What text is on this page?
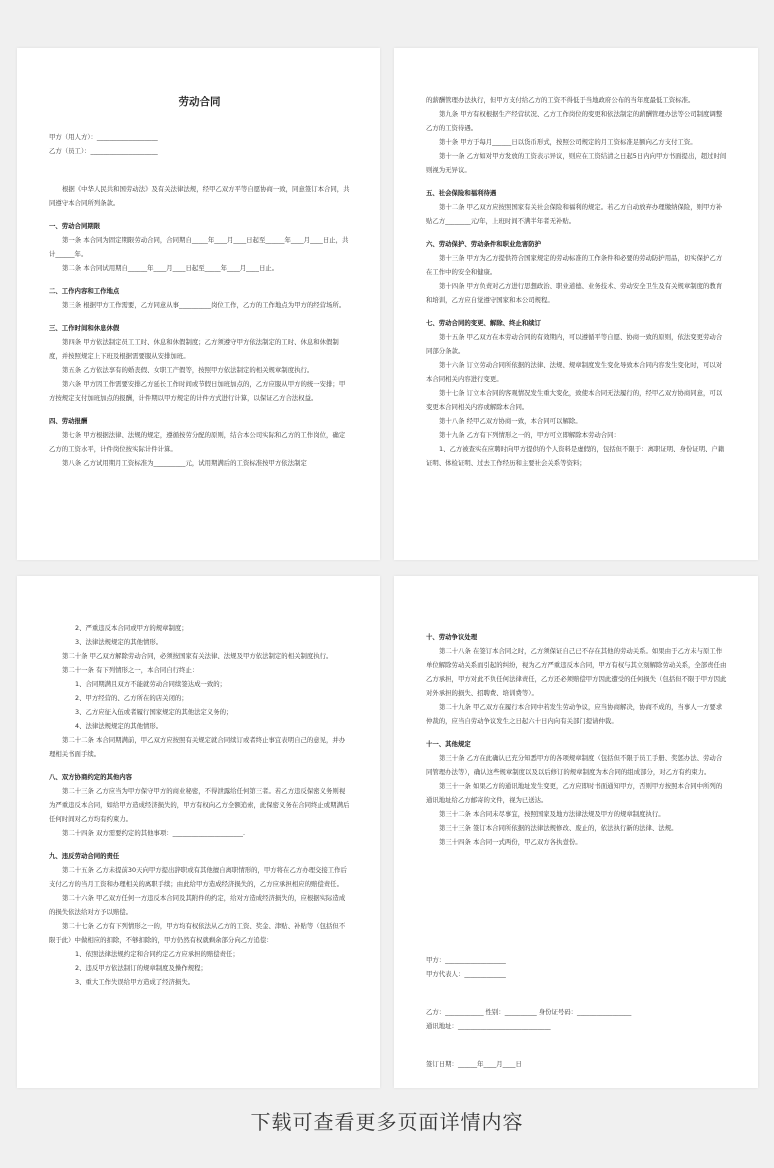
劳动合同
甲方（用人方）：___________________
乙方（员工）：_____________________
根据《中华人民共和国劳动法》及有关法律法规，经甲乙双方平等自愿协商一致，同意签订本合同，共同遵守本合同所列条款。
一、劳动合同期限
第一条 本合同为固定期限劳动合同，合同期自_____年____月____日起至______年____月____日止，共计______年。
第二条 本合同试用期自______年____月____日起至_____年____月____日止。
二、工作内容和工作地点
第三条 根据甲方工作需要，乙方同意从事__________岗位工作，乙方的工作地点为甲方的经营场所。
三、工作时间和休息休假
第四条 甲方依法制定员工工时、休息和休假制度；乙方须遵守甲方依法制定的工时、休息和休假制度，并按照规定上下班及根据需要服从安排加班。
第五条 乙方依法享有的婚丧假、女职工产假等，按照甲方依法制定的相关规章制度执行。
第六条 甲方因工作需要安排乙方延长工作时间或节假日加班加点的，乙方应服从甲方的统一安排；甲方按规定支付加班加点的报酬，计件期以甲方规定的计件方式进行计算，以保证乙方合法权益。
四、劳动报酬
第七条 甲方根据法律、法规的规定，遵循按劳分配的原则，结合本公司实际和乙方的工作岗位，确定乙方的工资水平，计件岗位按实际计件计算。
第八条 乙方试用期月工资标准为__________元，试用期满后的工资标准按甲方依法制定
的薪酬管理办法执行，但甲方支付给乙方的工资不得低于当地政府公布的当年度最低工资标准。
第九条 甲方有权根据生产经营状况、乙方工作岗位的变更和依法制定的薪酬管理办法等公司制度调整乙方的工资待遇。
第十条 甲方于每月______日以货币形式，按照公司规定的月工资标准足额向乙方支付工资。
第十一条 乙方如对甲方发放的工资表示异议，则应在工资结清之日起5日内向甲方书面提出，超过时间则视为无异议。
五、社会保险和福利待遇
第十二条 甲乙双方应按照国家有关社会保险和福利的规定。若乙方自动放弃办理缴纳保险，则甲方补贴乙方________元/年，上班时间不满半年者无补贴。
六、劳动保护、劳动条件和职业危害防护
第十三条 甲方为乙方提供符合国家规定的劳动标准的工作条件和必要的劳动防护用品，切实保护乙方在工作中的安全和健康。
第十四条 甲方负责对乙方进行思想政治、职业道德、业务技术、劳动安全卫生及有关规章制度的教育和培训，乙方应自觉遵守国家和本公司规程。
七、劳动合同的变更、解除、终止和续订
第十五条 甲乙双方在本劳动合同的有效期内，可以遵循平等自愿、协商一致的原则，依法变更劳动合同部分条款。
第十六条 订立劳动合同所依据的法律、法规、规章制度发生变化导致本合同内容发生变化时，可以对本合同相关内容进行变更。
第十七条 订立本合同的客观情况发生重大变化，致使本合同无法履行的，经甲乙双方协商同意，可以变更本合同相关内容或解除本合同。
第十八条 经甲乙双方协商一致，本合同可以解除。
第十九条 乙方有下列情形之一的，甲方可立即解除本劳动合同：
1、乙方被查实在应聘时向甲方提供的个人资料是虚假的，包括但不限于：离职证明、身份证明、户籍证明、体检证明、过去工作经历和主要社会关系等资料；
2、严重违反本合同或甲方的规章制度；
3、法律法规规定的其他情形。
第二十条 甲乙双方解除劳动合同，必须按国家有关法律、法规及甲方依法制定的相关制度执行。
第二十一条 有下列情形之一，本合同自行终止：
1、合同期满且双方不能就劳动合同续签达成一致的；
2、甲方经营的、乙方所在的店关闭的；
3、乙方应征入伍或者履行国家规定的其他法定义务的；
4、法律法规规定的其他情形。
第二十二条 本合同期满前，甲乙双方应按照有关规定就合同续订或者终止事宜表明自己的意见，并办理相关书面手续。
八、双方协商约定的其他内容
第二十三条 乙方应当为甲方保守甲方的商业秘密，不得泄露给任何第三者。若乙方违反保密义务则视为严重违反本合同，如给甲方造成经济损失的，甲方有权向乙方全额追索，此保密义务在合同终止或期满后任何时间对乙方均有约束力。
第二十四条 双方需要约定的其他事项：______________________.
九、违反劳动合同的责任
第二十五条 乙方未提前30天向甲方提出辞职或有其他擅自离职情形的，甲方将在乙方办理交接工作后支付乙方的当月工资和办理相关的离职手续；由此给甲方造成经济损失的，乙方应承担相应的赔偿责任。
第二十六条 甲乙双方任何一方违反本合同及其附件的约定，给对方造成经济损失的，应根据实际造成的损失依法给对方予以赔偿。
第二十七条 乙方有下列情形之一的，甲方均有权依法从乙方的工资、奖金、津贴、补贴等（包括但不限于此）中做相应的扣除，不够扣除的，甲方仍然有权就剩余部分向乙方追偿：
1、依照法律法规约定和合同约定乙方应承担的赔偿责任；
2、违反甲方依法制订的规章制度及操作规程；
3、重大工作失误给甲方造成了经济损失。
十、劳动争议处理
第二十八条 在签订本合同之时，乙方须保证自己已不存在其他的劳动关系。如果由于乙方未与原工作单位解除劳动关系而引起的纠纷，视为乙方严重违反本合同，甲方有权与其立刻解除劳动关系，全部责任由乙方承担，甲方对此不负任何法律责任，乙方还必须赔偿甲方因此遭受的任何损失（包括但不限于甲方因此对外承担的损失、招聘费、培训费等）。
第二十九条 甲乙双方在履行本合同中若发生劳动争议，应当协商解决，协商不成的，当事人一方要求仲裁的，应当自劳动争议发生之日起六十日内向有关部门提请仲裁。
十一、其他规定
第三十条 乙方在此确认已充分知悉甲方的各项规章制度（包括但不限于员工手册、奖惩办法、劳动合同管理办法等），确认这些规章制度以及以后修订的规章制度为本合同的组成部分，对乙方有约束力。
第三十一条 如果乙方的通讯地址发生变更，乙方应即时书面通知甲方，否则甲方按照本合同中所列的通讯地址给乙方邮寄的文件，视为已送达。
第三十二条 本合同未尽事宜，按照国家及地方法律法规及甲方的规章制度执行。
第三十三条 签订本合同所依据的法律法规修改、废止的，依法执行新的法律、法规。
第三十四条 本合同一式两份，甲乙双方各执壹份。
甲方：___________________
甲方代表人：_____________
乙方：____________ 性别：__________ 身份证号码：_________________
通讯地址：_____________________________
签订日期：______年____月____日
下载可查看更多页面详情内容
